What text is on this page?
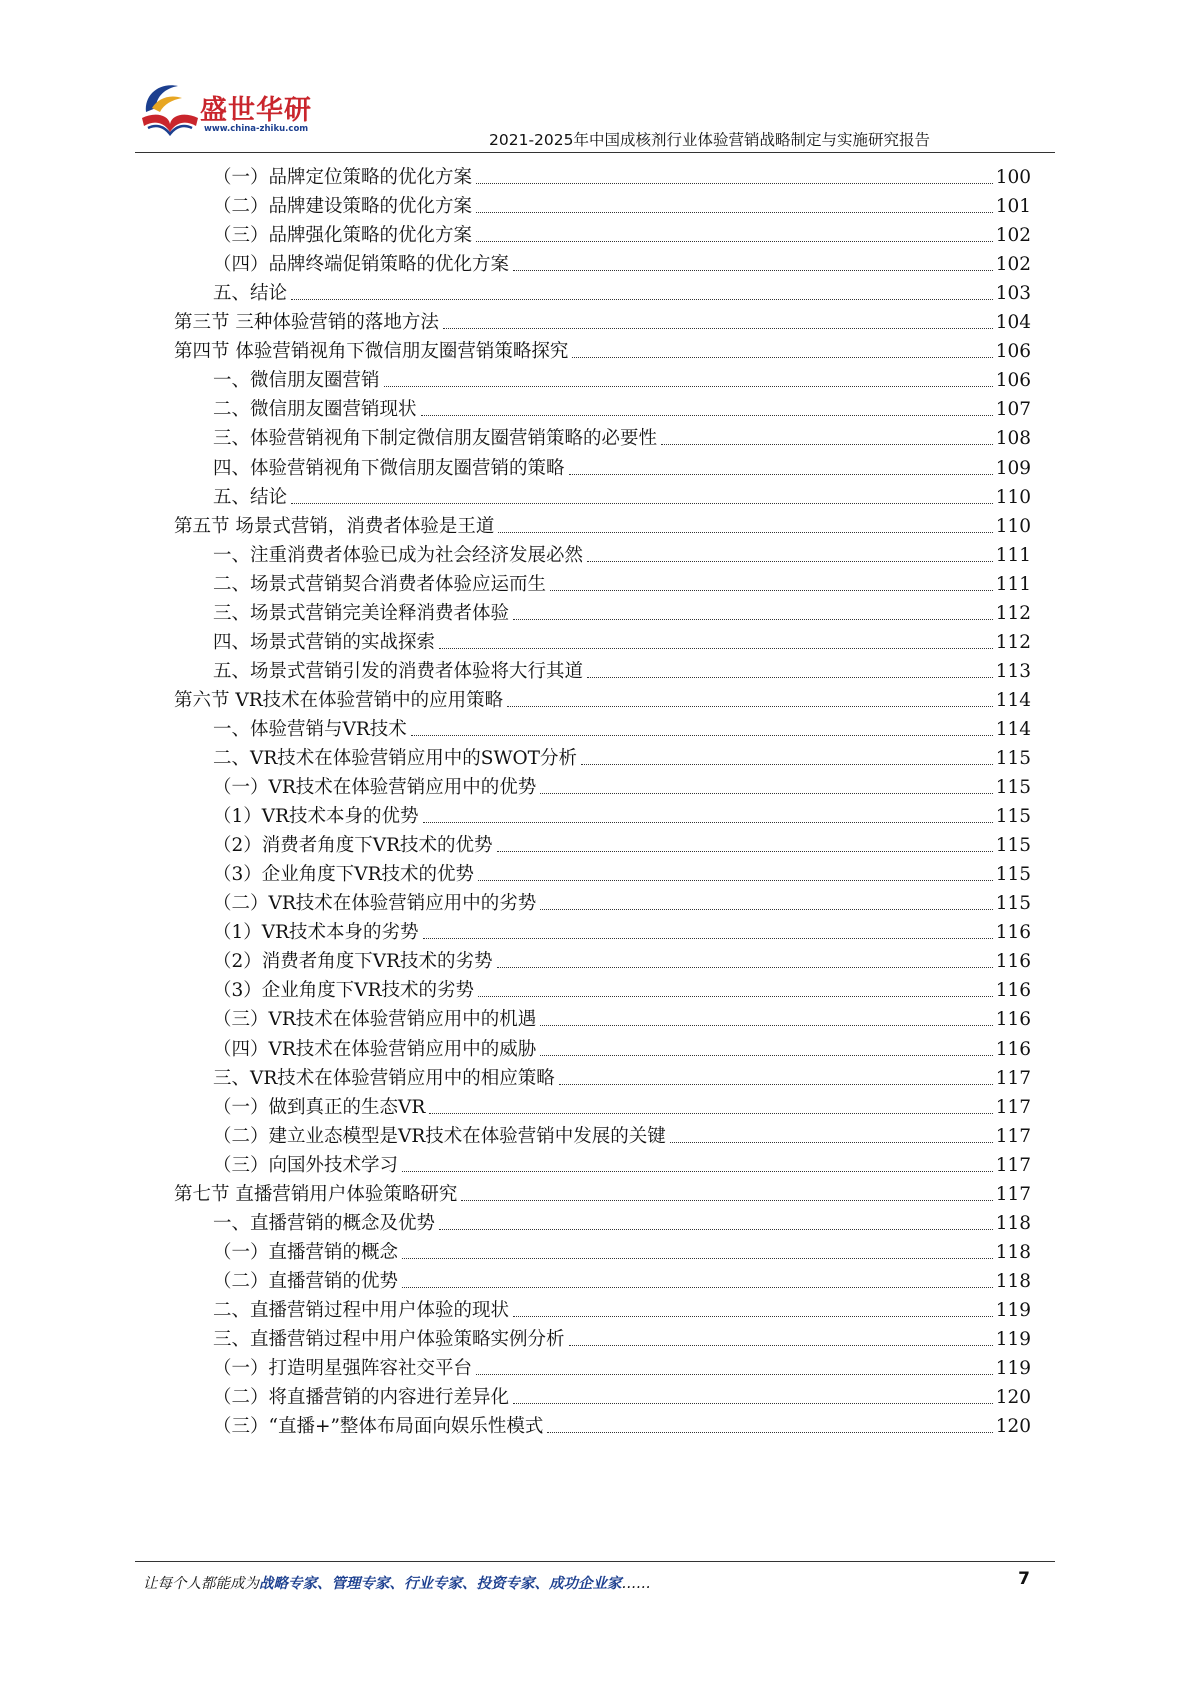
盛世华研
www.china-zhiku.com
2021-2025年中国成核剂行业体验营销战略制定与实施研究报告
（一）品牌定位策略的优化方案	100
（二）品牌建设策略的优化方案	101
（三）品牌强化策略的优化方案	102
（四）品牌终端促销策略的优化方案	102
五、结论	103
第三节 三种体验营销的落地方法	104
第四节 体验营销视角下微信朋友圈营销策略探究	106
一、微信朋友圈营销	106
二、微信朋友圈营销现状	107
三、体验营销视角下制定微信朋友圈营销策略的必要性	108
四、体验营销视角下微信朋友圈营销的策略	109
五、结论	110
第五节 场景式营销，消费者体验是王道	110
一、注重消费者体验已成为社会经济发展必然	111
二、场景式营销契合消费者体验应运而生	111
三、场景式营销完美诠释消费者体验	112
四、场景式营销的实战探索	112
五、场景式营销引发的消费者体验将大行其道	113
第六节 VR技术在体验营销中的应用策略	114
一、体验营销与VR技术	114
二、VR技术在体验营销应用中的SWOT分析	115
（一）VR技术在体验营销应用中的优势	115
（1）VR技术本身的优势	115
（2）消费者角度下VR技术的优势	115
（3）企业角度下VR技术的优势	115
（二）VR技术在体验营销应用中的劣势	115
（1）VR技术本身的劣势	116
（2）消费者角度下VR技术的劣势	116
（3）企业角度下VR技术的劣势	116
（三）VR技术在体验营销应用中的机遇	116
（四）VR技术在体验营销应用中的威胁	116
三、VR技术在体验营销应用中的相应策略	117
（一）做到真正的生态VR	117
（二）建立业态模型是VR技术在体验营销中发展的关键	117
（三）向国外技术学习	117
第七节 直播营销用户体验策略研究	117
一、直播营销的概念及优势	118
（一）直播营销的概念	118
（二）直播营销的优势	118
二、直播营销过程中用户体验的现状	119
三、直播营销过程中用户体验策略实例分析	119
（一）打造明星强阵容社交平台	119
（二）将直播营销的内容进行差异化	120
（三）“直播+”整体布局面向娱乐性模式	120
让每个人都能成为战略专家、管理专家、行业专家、投资专家、成功企业家……	7
